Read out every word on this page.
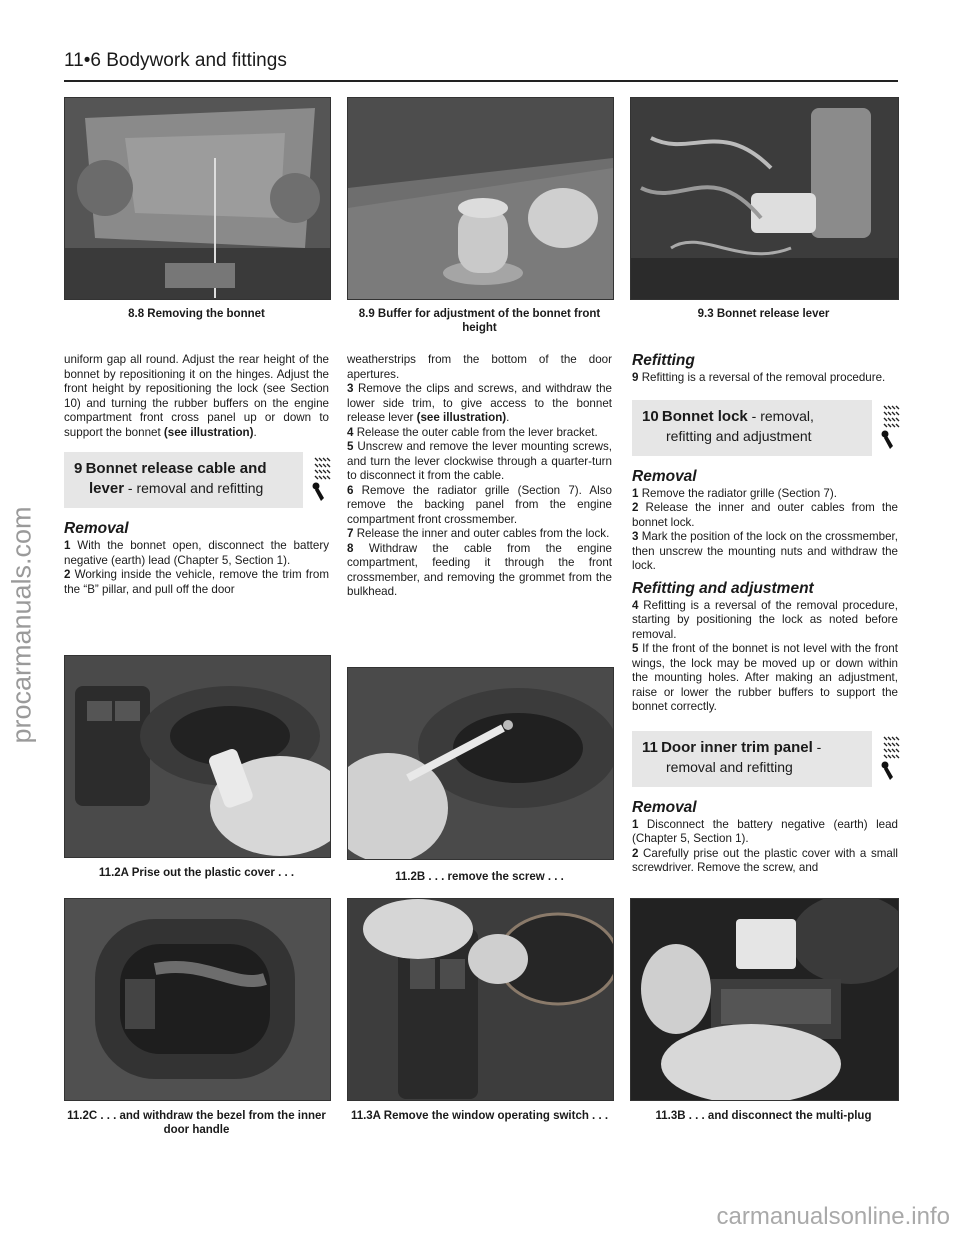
11•6 Bodywork and fittings
procarmanuals.com
carmanualsonline.info
8.8 Removing the bonnet	8.9 Buffer for adjustment of the bonnet front height
9.3 Bonnet release lever

uniform gap all round. Adjust the rear height of the bonnet by repositioning it on the hinges. Adjust the front height by repositioning the lock (see Section 10) and turning the rubber buffers on the engine compartment front cross panel up or down to support the bonnet (see illustration).

9 Bonnet release cable and
lever - removal and refitting

Removal

1 With the bonnet open, disconnect the battery negative (earth) lead (Chapter 5, Section 1).

2 Working inside the vehicle, remove the trim from the “B” pillar, and pull off the door

weatherstrips from the bottom of the door apertures.

3 Remove the clips and screws, and withdraw the lower side trim, to give access to the bonnet release lever (see illustration).

4 Release the outer cable from the lever bracket.

5 Unscrew and remove the lever mounting screws, and turn the lever clockwise through a quarter-turn to disconnect it from the cable.

6 Remove the radiator grille (Section 7). Also remove the backing panel from the engine compartment front crossmember.

7 Release the inner and outer cables from the lock.

8 Withdraw the cable from the engine compartment, feeding it through the front crossmember, and removing the grommet from the bulkhead.

Refitting

9 Refitting is a reversal of the removal procedure.

10 Bonnet lock - removal,
refitting and adjustment

Removal

1 Remove the radiator grille (Section 7).

2 Release the inner and outer cables from the bonnet lock.

3 Mark the position of the lock on the crossmember, then unscrew the mounting nuts and withdraw the lock.

Refitting and adjustment

4 Refitting is a reversal of the removal procedure, starting by positioning the lock as noted before removal.

5 If the front of the bonnet is not level with the front wings, the lock may be moved up or down within the mounting holes. After making an adjustment, raise or lower the rubber buffers to support the bonnet correctly.

11 Door inner trim panel -
removal and refitting

Removal

1 Disconnect the battery negative (earth) lead (Chapter 5, Section 1).

2 Carefully prise out the plastic cover with a small screwdriver. Remove the screw, and

11.2A Prise out the plastic cover . . .	11.2B . . . remove the screw . . .
11.2C . . . and withdraw the bezel from the inner door handle
11.3A Remove the window operating switch . . .	11.3B . . . and disconnect the multi-plug
